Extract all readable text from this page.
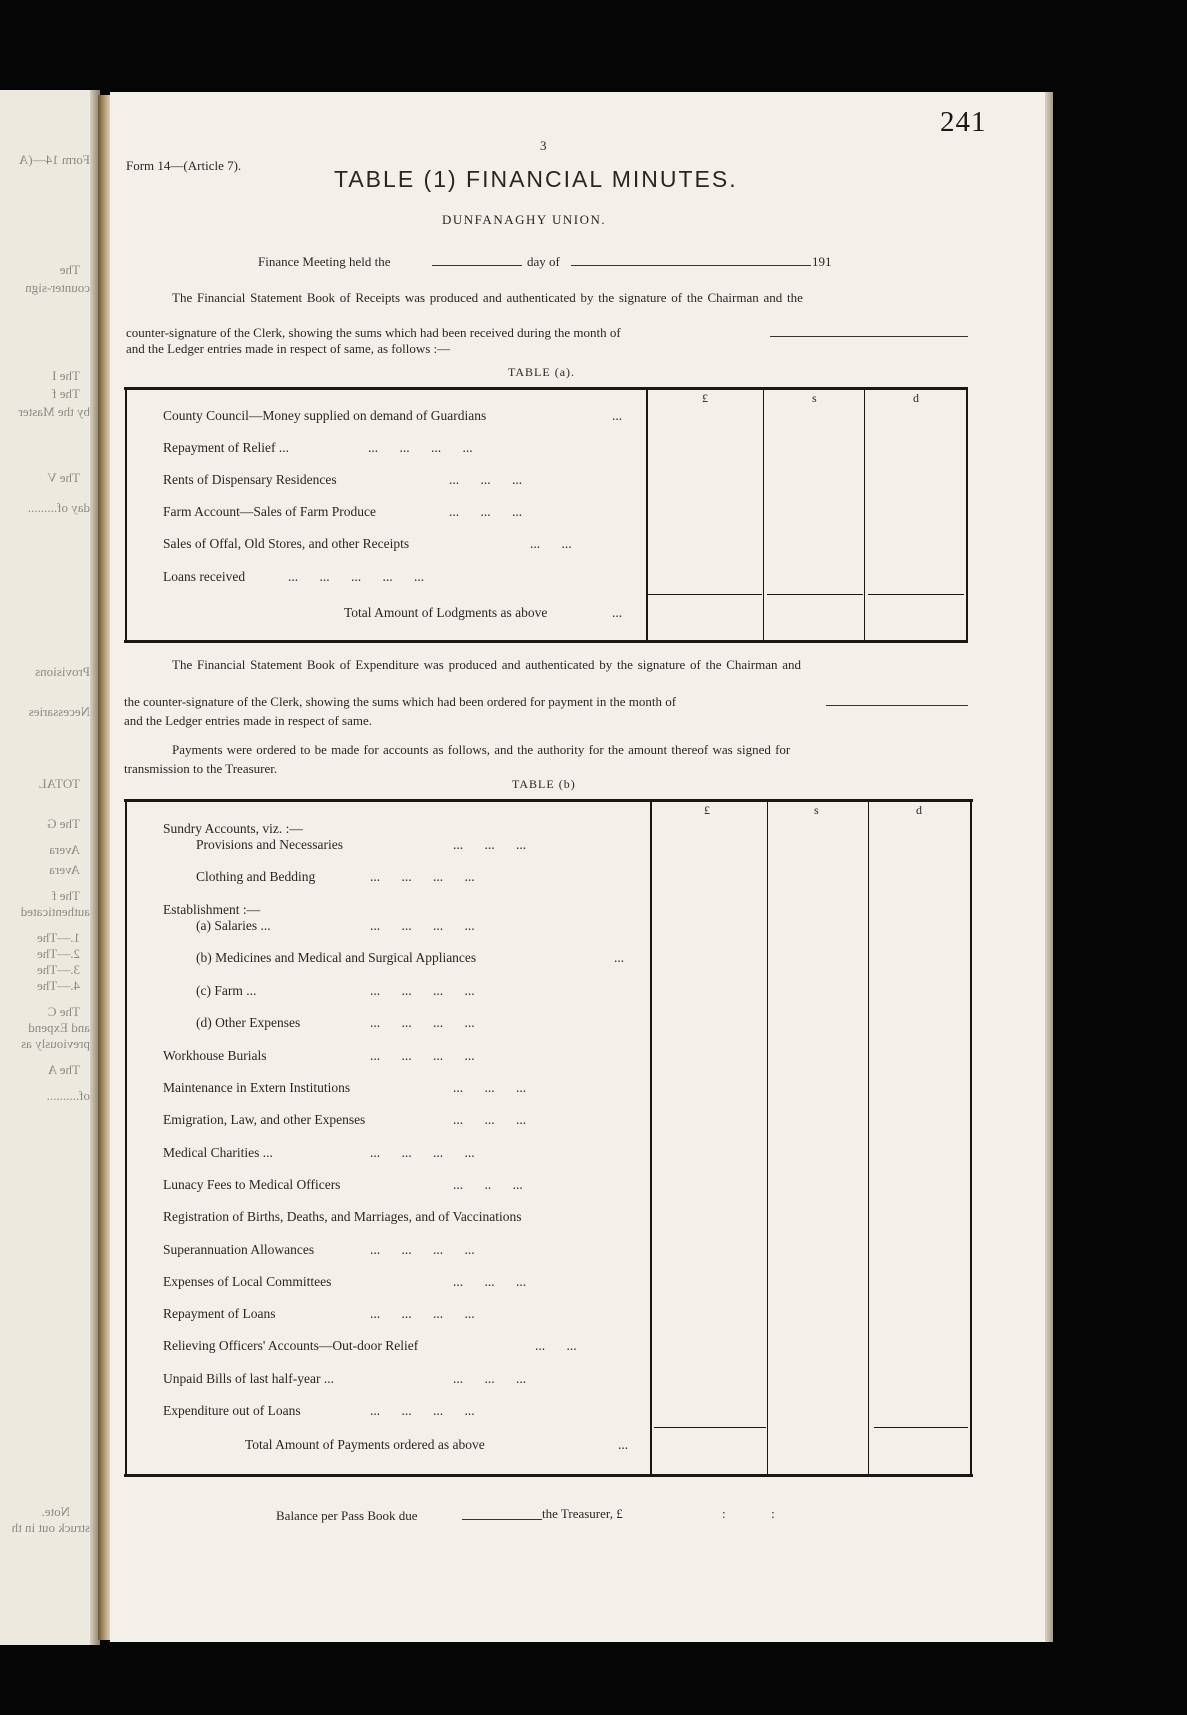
Form 14—(A
The
counter-sign
The I
The f
by the Master
The V
day of.........
Provisions
Necessaries
TOTAL
The G
Avera
Avera
The f
authenticated
1.—The
2.—The
3.—The
4.—The
The C
and Expend
previously as
The A
of..........
Note.
struck out in th
241
3
Form 14—(Article 7).
TABLE (1) FINANCIAL MINUTES.
DUNFANAGHY UNION.
Finance Meeting held the	day of	191
The Financial Statement Book of Receipts was produced and authenticated by the signature of the Chairman and the
counter-signature of the Clerk, showing the sums which had been received during the month of
and the Ledger entries made in respect of same, as follows :—
TABLE (a).
£	s	d
County Council—Money supplied on demand of Guardians	...
Repayment of Relief ...	... ... ... ...
Rents of Dispensary Residences	... ... ...
Farm Account—Sales of Farm Produce	... ... ...
Sales of Offal, Old Stores, and other Receipts	... ...
Loans received	... ... ... ... ...
Total Amount of Lodgments as above	...
The Financial Statement Book of Expenditure was produced and authenticated by the signature of the Chairman and
the counter-signature of the Clerk, showing the sums which had been ordered for payment in the month of
and the Ledger entries made in respect of same.
Payments were ordered to be made for accounts as follows, and the authority for the amount thereof was signed for
transmission to the Treasurer.
TABLE (b)
£	s	d
Sundry Accounts, viz. :—
Provisions and Necessaries	... ... ...
Clothing and Bedding	... ... ... ...
Establishment :—
(a) Salaries ...	... ... ... ...
(b) Medicines and Medical and Surgical Appliances	...
(c) Farm ...	... ... ... ...
(d) Other Expenses	... ... ... ...
Workhouse Burials	... ... ... ...
Maintenance in Extern Institutions	... ... ...
Emigration, Law, and other Expenses	... ... ...
Medical Charities ...	... ... ... ...
Lunacy Fees to Medical Officers	... .. ...
Registration of Births, Deaths, and Marriages, and of Vaccinations
Superannuation Allowances	... ... ... ...
Expenses of Local Committees	... ... ...
Repayment of Loans	... ... ... ...
Relieving Officers' Accounts—Out-door Relief	... ...
Unpaid Bills of last half-year ...	... ... ...
Expenditure out of Loans	... ... ... ...
Total Amount of Payments ordered as above	...
Balance per Pass Book due	the Treasurer, £	:              :
